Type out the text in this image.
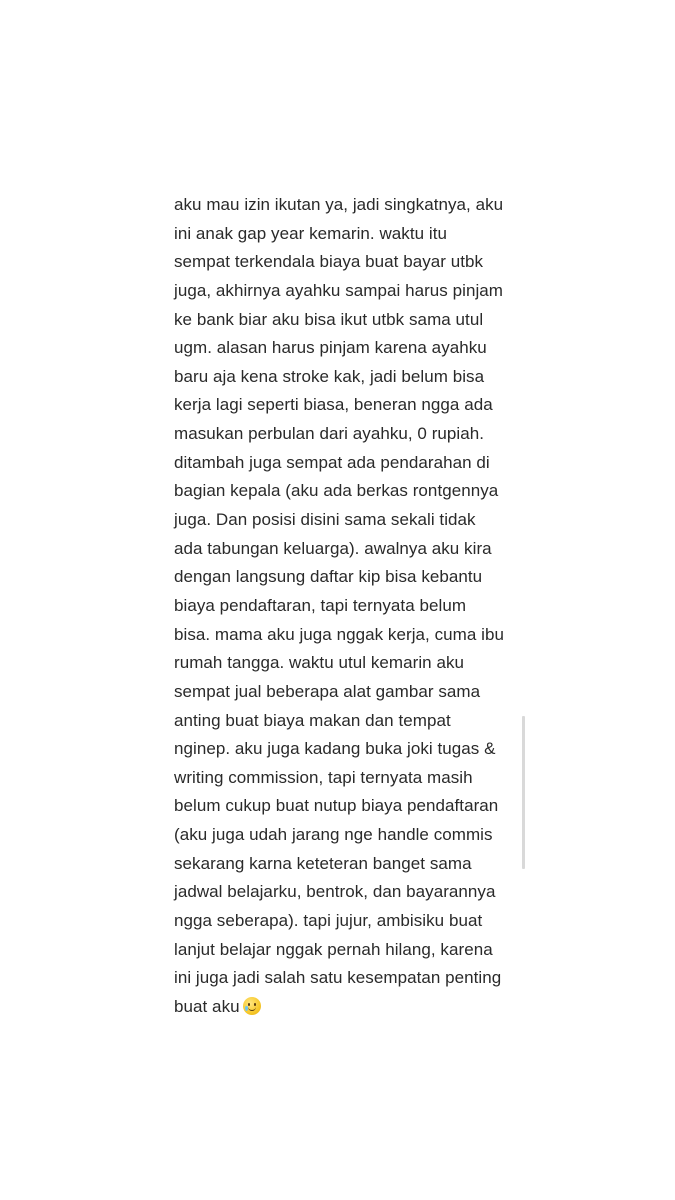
aku mau izin ikutan ya, jadi singkatnya, aku
ini anak gap year kemarin. waktu itu
sempat terkendala biaya buat bayar utbk
juga, akhirnya ayahku sampai harus pinjam
ke bank biar aku bisa ikut utbk sama utul
ugm. alasan harus pinjam karena ayahku
baru aja kena stroke kak, jadi belum bisa
kerja lagi seperti biasa, beneran ngga ada
masukan perbulan dari ayahku, 0 rupiah.
ditambah juga sempat ada pendarahan di
bagian kepala (aku ada berkas rontgennya
juga. Dan posisi disini sama sekali tidak
ada tabungan keluarga). awalnya aku kira
dengan langsung daftar kip bisa kebantu
biaya pendaftaran, tapi ternyata belum
bisa. mama aku juga nggak kerja, cuma ibu
rumah tangga. waktu utul kemarin aku
sempat jual beberapa alat gambar sama
anting buat biaya makan dan tempat
nginep. aku juga kadang buka joki tugas &
writing commission, tapi ternyata masih
belum cukup buat nutup biaya pendaftaran
(aku juga udah jarang nge handle commis
sekarang karna keteteran banget sama
jadwal belajarku, bentrok, dan bayarannya
ngga seberapa). tapi jujur, ambisiku buat
lanjut belajar nggak pernah hilang, karena
ini juga jadi salah satu kesempatan penting
buat aku
